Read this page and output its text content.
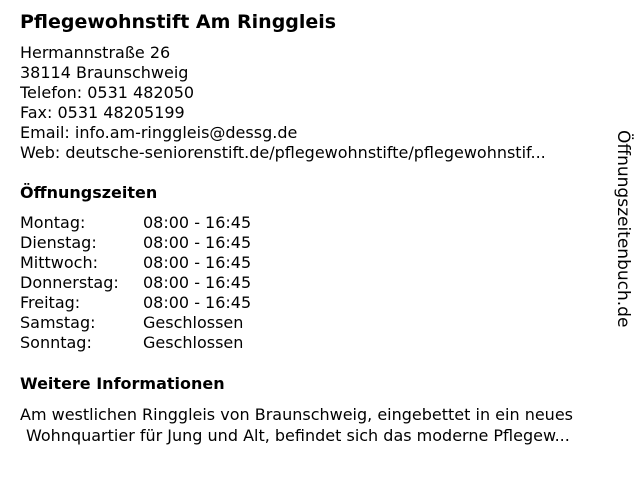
Pflegewohnstift Am Ringgleis
Hermannstraße 26
38114 Braunschweig
Telefon: 0531 482050
Fax: 0531 48205199
Email: info.am-ringgleis@dessg.de
Web: deutsche-seniorenstift.de/pflegewohnstifte/pflegewohnstif...
Öffnungszeiten
Montag:	08:00 - 16:45
Dienstag:	08:00 - 16:45
Mittwoch:	08:00 - 16:45
Donnerstag: 08:00 - 16:45
Freitag:	08:00 - 16:45
Samstag:	Geschlossen
Sonntag:	Geschlossen
Weitere Informationen
Am westlichen Ringgleis von Braunschweig, eingebettet in ein neues
Wohnquartier für Jung und Alt, befindet sich das moderne Pflegew...
Öffnungszeitenbuch.de
